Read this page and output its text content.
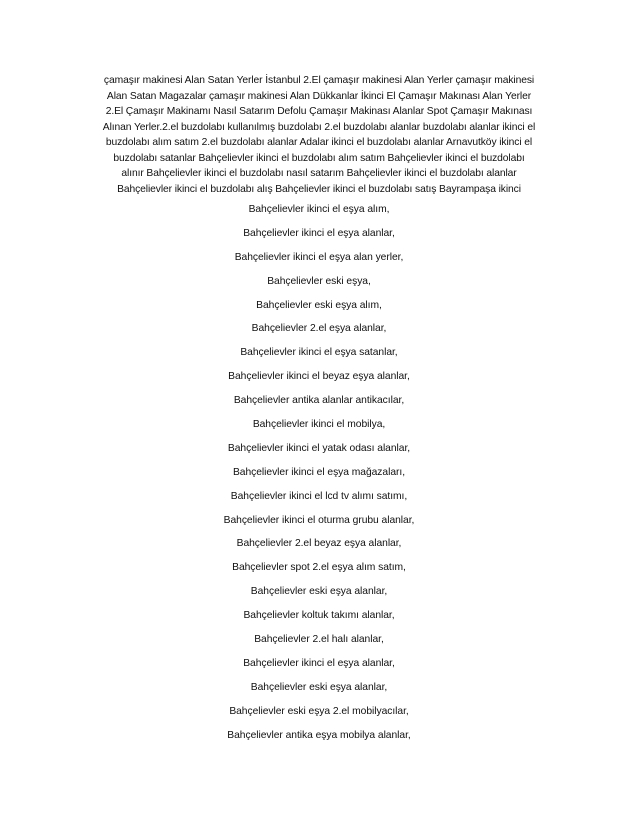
çamaşır makinesi Alan Satan Yerler İstanbul 2.El çamaşır makinesi Alan Yerler çamaşır makinesi
Alan Satan Magazalar çamaşır makinesi Alan Dükkanlar İkinci El Çamaşır Makınası Alan Yerler
2.El Çamaşır Makinamı Nasıl Satarım Defolu Çamaşır Makinası Alanlar Spot Çamaşır Makınası
Alınan Yerler.2.el buzdolabı kullanılmış buzdolabı 2.el buzdolabı alanlar buzdolabı alanlar ikinci el
buzdolabı alım satım 2.el buzdolabı alanlar Adalar ikinci el buzdolabı alanlar Arnavutköy ikinci el
buzdolabı satanlar Bahçelievler ikinci el buzdolabı alım satım Bahçelievler ikinci el buzdolabı
alınır Bahçelievler ikinci el buzdolabı nasıl satarım Bahçelievler ikinci el buzdolabı alanlar
Bahçelievler ikinci el buzdolabı alış Bahçelievler ikinci el buzdolabı satış Bayrampaşa ikinci

Bahçelievler ikinci el eşya alım,
Bahçelievler ikinci el eşya alanlar,
Bahçelievler ikinci el eşya alan yerler,
Bahçelievler eski eşya,
Bahçelievler eski eşya alım,
Bahçelievler 2.el eşya alanlar,
Bahçelievler ikinci el eşya satanlar,
Bahçelievler ikinci el beyaz eşya alanlar,
Bahçelievler antika alanlar antikacılar,
Bahçelievler ikinci el mobilya,
Bahçelievler ikinci el yatak odası alanlar,
Bahçelievler ikinci el eşya mağazaları,
Bahçelievler ikinci el lcd tv alımı satımı,
Bahçelievler ikinci el oturma grubu alanlar,
Bahçelievler 2.el beyaz eşya alanlar,
Bahçelievler spot 2.el eşya alım satım,
Bahçelievler eski eşya alanlar,
Bahçelievler koltuk takımı alanlar,
Bahçelievler 2.el halı alanlar,
Bahçelievler ikinci el eşya alanlar,
Bahçelievler eski eşya alanlar,
Bahçelievler eski eşya 2.el mobilyacılar,
Bahçelievler antika eşya mobilya alanlar,
